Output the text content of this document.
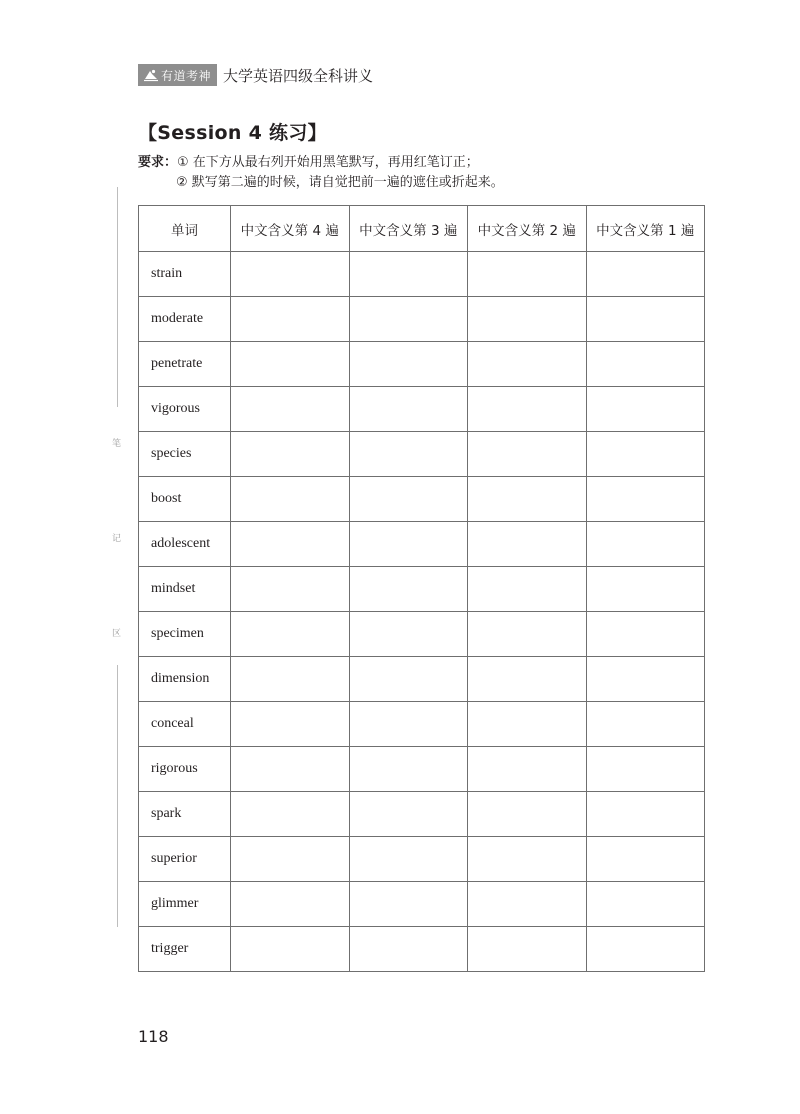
有道考神 大学英语四级全科讲义
【Session 4 练习】

要求：① 在下方从最右列开始用黑笔默写，再用红笔订正；

② 默写第二遍的时候，请自觉把前一遍的遮住或折起来。

笔
记
区
单词	中文含义第 4 遍	中文含义第 3 遍	中文含义第 2 遍	中文含义第 1 遍
strain				
moderate				
penetrate				
vigorous				
species				
boost				
adolescent				
mindset				
specimen				
dimension				
conceal				
rigorous				
spark				
superior				
glimmer				
trigger				

118
